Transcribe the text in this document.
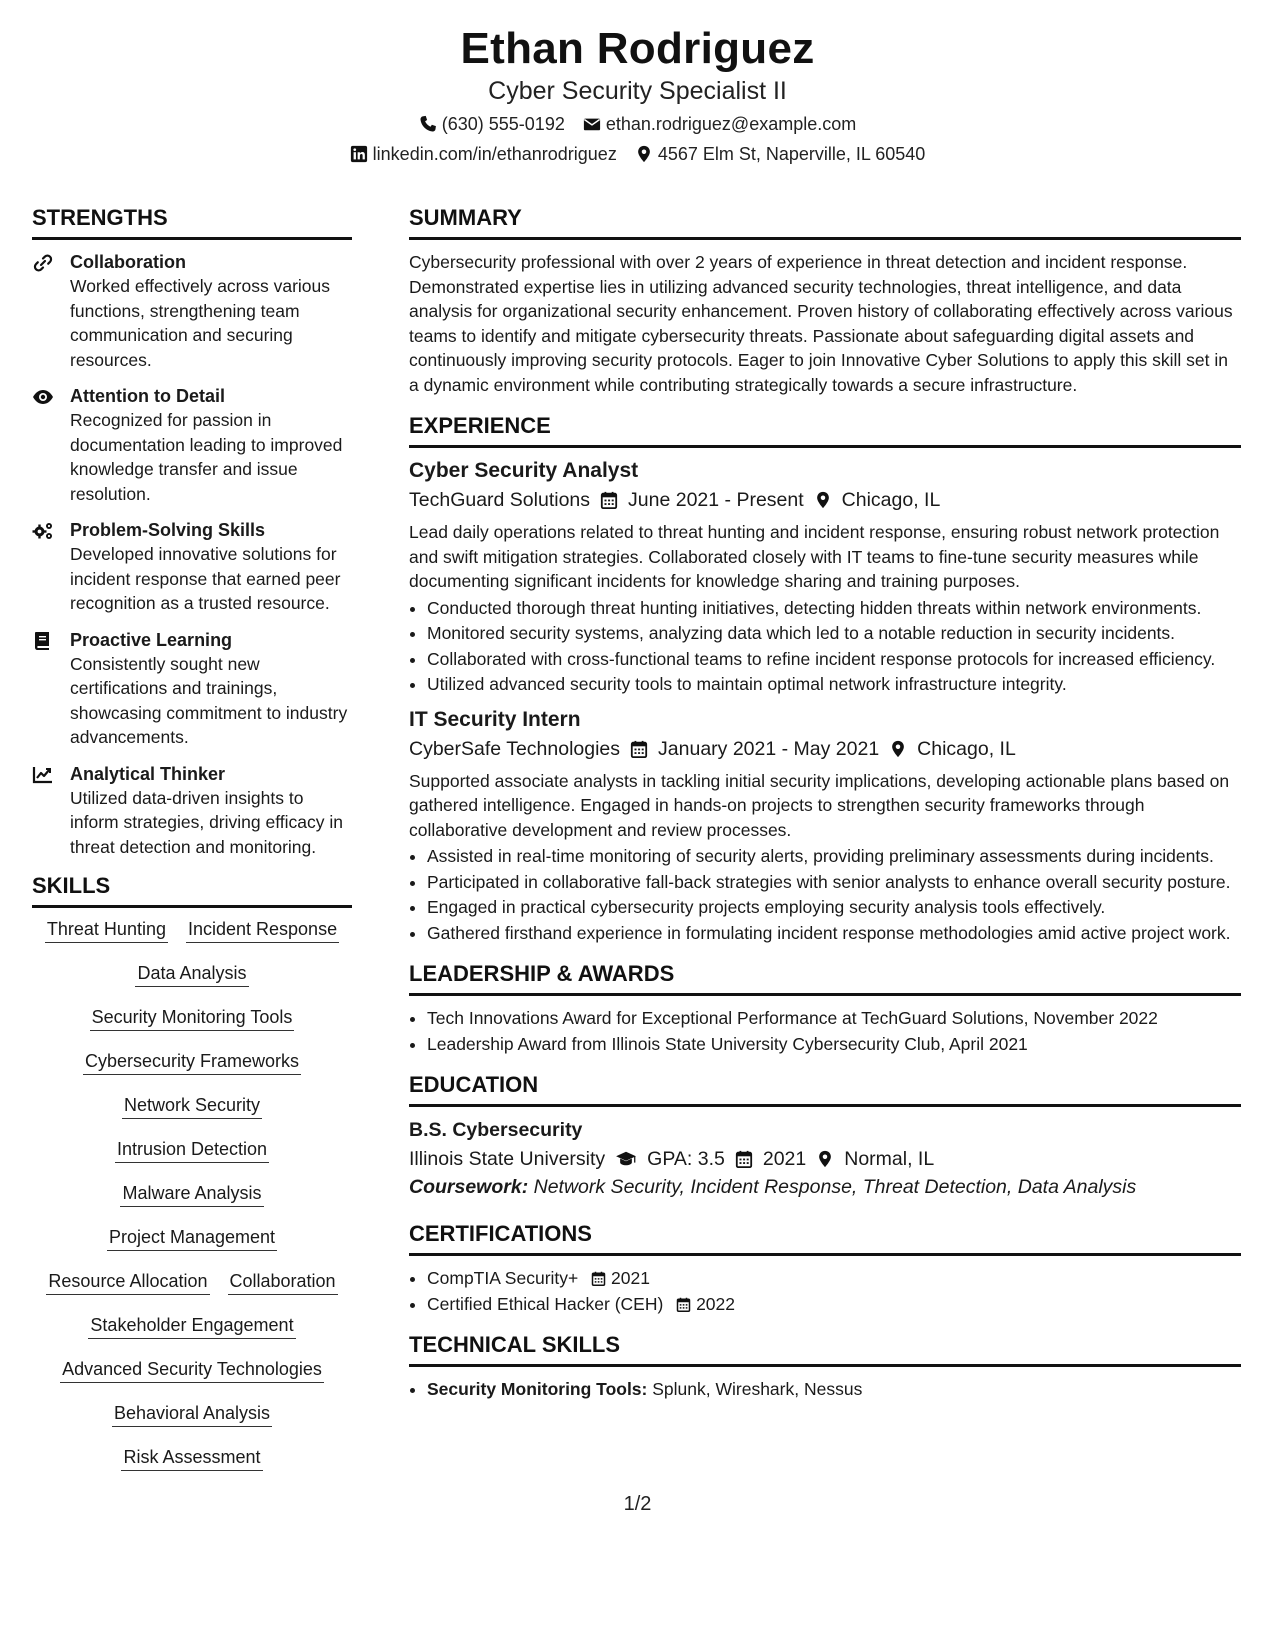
Ethan Rodriguez
Cyber Security Specialist II
(630) 555-0192 ethan.rodriguez@example.com
linkedin.com/in/ethanrodriguez 4567 Elm St, Naperville, IL 60540
STRENGTHS
Collaboration
Worked effectively across various functions, strengthening team communication and securing resources.
Attention to Detail
Recognized for passion in documentation leading to improved knowledge transfer and issue resolution.
Problem-Solving Skills
Developed innovative solutions for incident response that earned peer recognition as a trusted resource.
Proactive Learning
Consistently sought new certifications and trainings, showcasing commitment to industry advancements.
Analytical Thinker
Utilized data-driven insights to inform strategies, driving efficacy in threat detection and monitoring.
SKILLS
Threat Hunting Incident Response
Data Analysis
Security Monitoring Tools
Cybersecurity Frameworks
Network Security
Intrusion Detection
Malware Analysis
Project Management
Resource Allocation Collaboration
Stakeholder Engagement
Advanced Security Technologies
Behavioral Analysis
Risk Assessment
SUMMARY
Cybersecurity professional with over 2 years of experience in threat detection and incident response. Demonstrated expertise lies in utilizing advanced security technologies, threat intelligence, and data analysis for organizational security enhancement. Proven history of collaborating effectively across various teams to identify and mitigate cybersecurity threats. Passionate about safeguarding digital assets and continuously improving security protocols. Eager to join Innovative Cyber Solutions to apply this skill set in a dynamic environment while contributing strategically towards a secure infrastructure.
EXPERIENCE
Cyber Security Analyst
TechGuard Solutions June 2021 - Present Chicago, IL
Lead daily operations related to threat hunting and incident response, ensuring robust network protection and swift mitigation strategies. Collaborated closely with IT teams to fine-tune security measures while documenting significant incidents for knowledge sharing and training purposes.
• Conducted thorough threat hunting initiatives, detecting hidden threats within network environments.
• Monitored security systems, analyzing data which led to a notable reduction in security incidents.
• Collaborated with cross-functional teams to refine incident response protocols for increased efficiency.
• Utilized advanced security tools to maintain optimal network infrastructure integrity.
IT Security Intern
CyberSafe Technologies January 2021 - May 2021 Chicago, IL
Supported associate analysts in tackling initial security implications, developing actionable plans based on gathered intelligence. Engaged in hands-on projects to strengthen security frameworks through collaborative development and review processes.
• Assisted in real-time monitoring of security alerts, providing preliminary assessments during incidents.
• Participated in collaborative fall-back strategies with senior analysts to enhance overall security posture.
• Engaged in practical cybersecurity projects employing security analysis tools effectively.
• Gathered firsthand experience in formulating incident response methodologies amid active project work.
LEADERSHIP & AWARDS
• Tech Innovations Award for Exceptional Performance at TechGuard Solutions, November 2022
• Leadership Award from Illinois State University Cybersecurity Club, April 2021
EDUCATION
B.S. Cybersecurity
Illinois State University GPA: 3.5 2021 Normal, IL
Coursework: Network Security, Incident Response, Threat Detection, Data Analysis
CERTIFICATIONS
• CompTIA Security+ 2021
• Certified Ethical Hacker (CEH) 2022
TECHNICAL SKILLS
• Security Monitoring Tools: Splunk, Wireshark, Nessus
1/2
